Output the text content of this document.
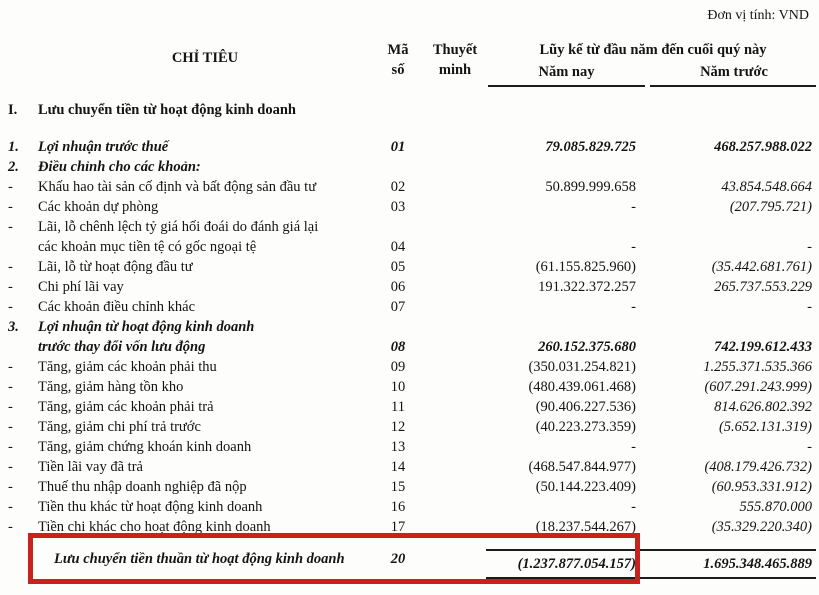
Đơn vị tính: VND
CHỈ TIÊU	Mã
số
Thuyết
minh
Lũy kế từ đầu năm đến cuối quý này
Năm nay	Năm trước
I.	Lưu chuyển tiền từ hoạt động kinh doanh
1.	Lợi nhuận trước thuế	01	79.085.829.725	468.257.988.022
2.	Điều chỉnh cho các khoản:
-	Khấu hao tài sản cố định và bất động sản đầu tư	02	50.899.999.658	43.854.548.664
-	Các khoản dự phòng	03	-	(207.795.721)
-	Lãi, lỗ chênh lệch tỷ giá hối đoái do đánh giá lại
các khoản mục tiền tệ có gốc ngoại tệ	04	-	-
-	Lãi, lỗ từ hoạt động đầu tư	05	(61.155.825.960)	(35.442.681.761)
-	Chi phí lãi vay	06	191.322.372.257	265.737.553.229
-	Các khoản điều chỉnh khác	07	-	-
3.	Lợi nhuận từ hoạt động kinh doanh
trước thay đổi vốn lưu động	08	260.152.375.680	742.199.612.433
-	Tăng, giảm các khoản phải thu	09	(350.031.254.821)	1.255.371.535.366
-	Tăng, giảm hàng tồn kho	10	(480.439.061.468)	(607.291.243.999)
-	Tăng, giảm các khoản phải trả	11	(90.406.227.536)	814.626.802.392
-	Tăng, giảm chi phí trả trước	12	(40.223.273.359)	(5.652.131.319)
-	Tăng, giảm chứng khoán kinh doanh	13	-	-
-	Tiền lãi vay đã trả	14	(468.547.844.977)	(408.179.426.732)
-	Thuế thu nhập doanh nghiệp đã nộp	15	(50.144.223.409)	(60.953.331.912)
-	Tiền thu khác từ hoạt động kinh doanh	16	-	555.870.000
-	Tiền chi khác cho hoạt động kinh doanh	17	(18.237.544.267)	(35.329.220.340)
Lưu chuyển tiền thuần từ hoạt động kinh doanh	20	(1.237.877.054.157)	1.695.348.465.889
